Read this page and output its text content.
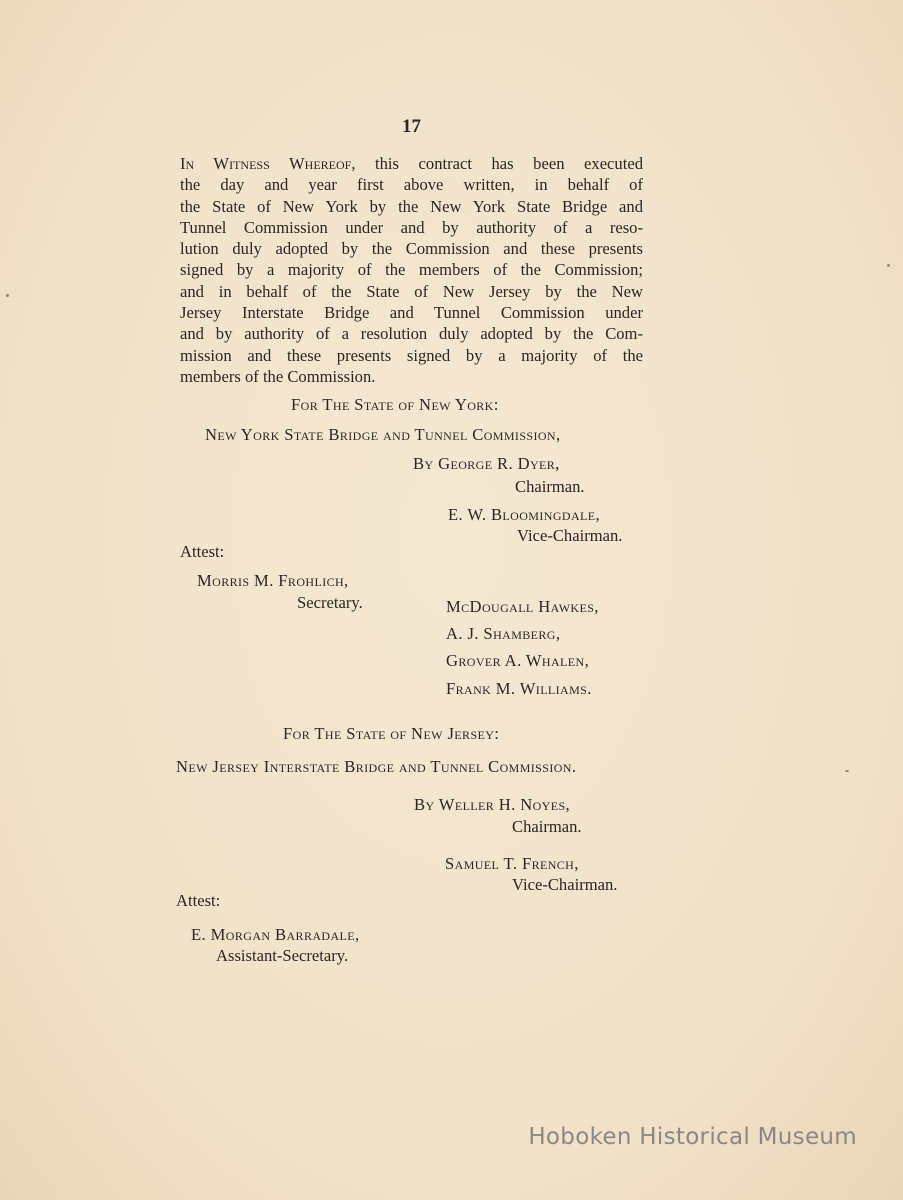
17
In Witness Whereof, this contract has been executed
the day and year first above written, in behalf of
the State of New York by the New York State Bridge and
Tunnel Commission under and by authority of a reso-
lution duly adopted by the Commission and these presents
signed by a majority of the members of the Commission;
and in behalf of the State of New Jersey by the New
Jersey Interstate Bridge and Tunnel Commission under
and by authority of a resolution duly adopted by the Com-
mission and these presents signed by a majority of the
members of the Commission.
For The State of New York:
New York State Bridge and Tunnel Commission,
By George R. Dyer,
Chairman.
E. W. Bloomingdale,
Vice-Chairman.
Attest:
Morris M. Frohlich,
Secretary.	McDougall Hawkes,
A. J. Shamberg,
Grover A. Whalen,
Frank M. Williams.
For The State of New Jersey:
New Jersey Interstate Bridge and Tunnel Commission.
By Weller H. Noyes,
Chairman.
Samuel T. French,
Vice-Chairman.
Attest:
E. Morgan Barradale,
Assistant-Secretary.
Hoboken Historical Museum
